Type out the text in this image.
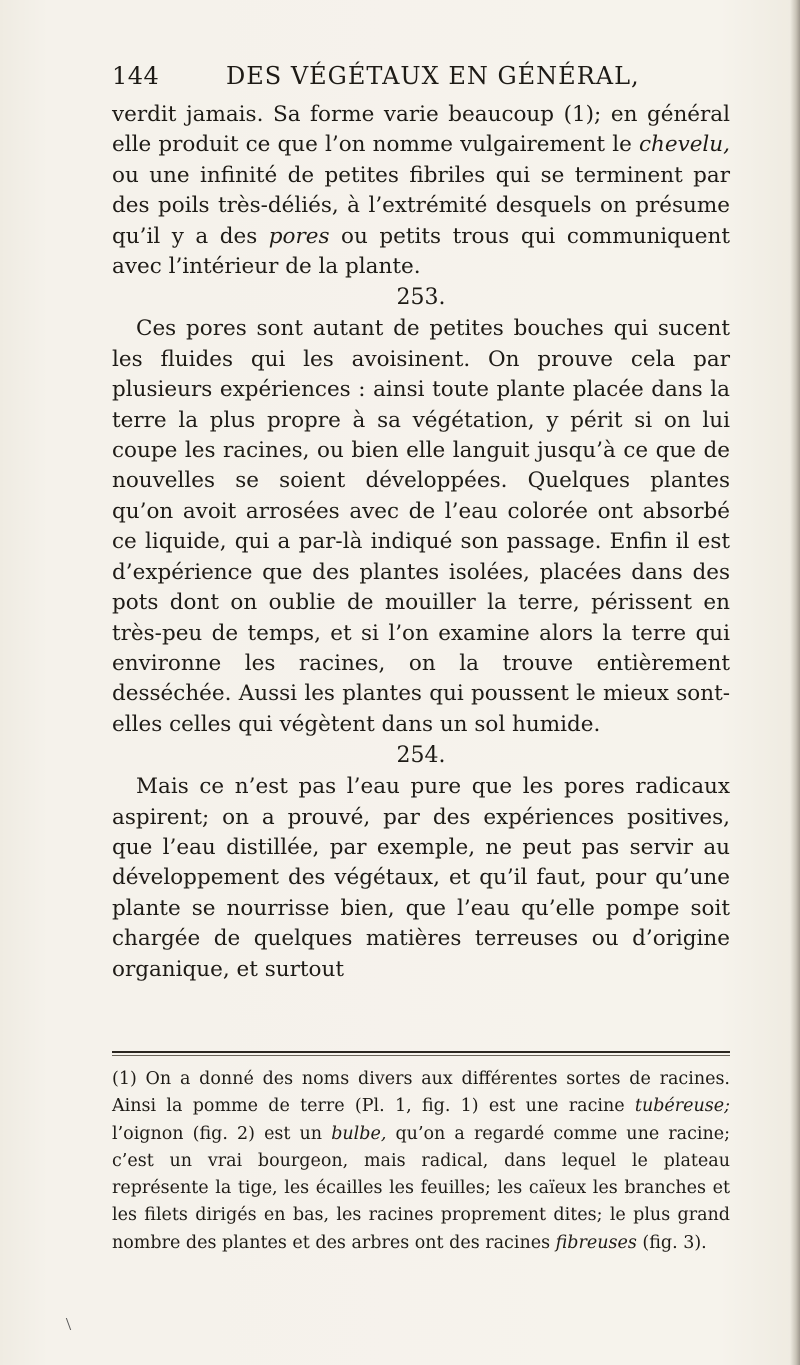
144	DES VÉGÉTAUX EN GÉNÉRAL,

verdit jamais. Sa forme varie beaucoup (1); en général elle produit ce que l’on nomme vulgairement le chevelu, ou une infinité de petites fibriles qui se terminent par des poils très-déliés, à l’extrémité desquels on présume qu’il y a des pores ou petits trous qui communiquent avec l’intérieur de la plante.

253.

Ces pores sont autant de petites bouches qui sucent les fluides qui les avoisinent. On prouve cela par plusieurs expériences : ainsi toute plante placée dans la terre la plus propre à sa végétation, y périt si on lui coupe les racines, ou bien elle languit jusqu’à ce que de nouvelles se soient développées. Quelques plantes qu’on avoit arrosées avec de l’eau colorée ont absorbé ce liquide, qui a par-là indiqué son passage. Enfin il est d’expérience que des plantes isolées, placées dans des pots dont on oublie de mouiller la terre, périssent en très-peu de temps, et si l’on examine alors la terre qui environne les racines, on la trouve entièrement desséchée. Aussi les plantes qui poussent le mieux sont-elles celles qui végètent dans un sol humide.

254.

Mais ce n’est pas l’eau pure que les pores radicaux aspirent; on a prouvé, par des expériences positives, que l’eau distillée, par exemple, ne peut pas servir au développement des végétaux, et qu’il faut, pour qu’une plante se nourrisse bien, que l’eau qu’elle pompe soit chargée de quelques matières terreuses ou d’origine organique, et surtout

(1) On a donné des noms divers aux différentes sortes de racines. Ainsi la pomme de terre (Pl. 1, fig. 1) est une racine tubéreuse; l’oignon (fig. 2) est un bulbe, qu’on a regardé comme une racine; c’est un vrai bourgeon, mais radical, dans lequel le plateau représente la tige, les écailles les feuilles; les caïeux les branches et les filets dirigés en bas, les racines proprement dites; le plus grand nombre des plantes et des arbres ont des racines fibreuses (fig. 3).
